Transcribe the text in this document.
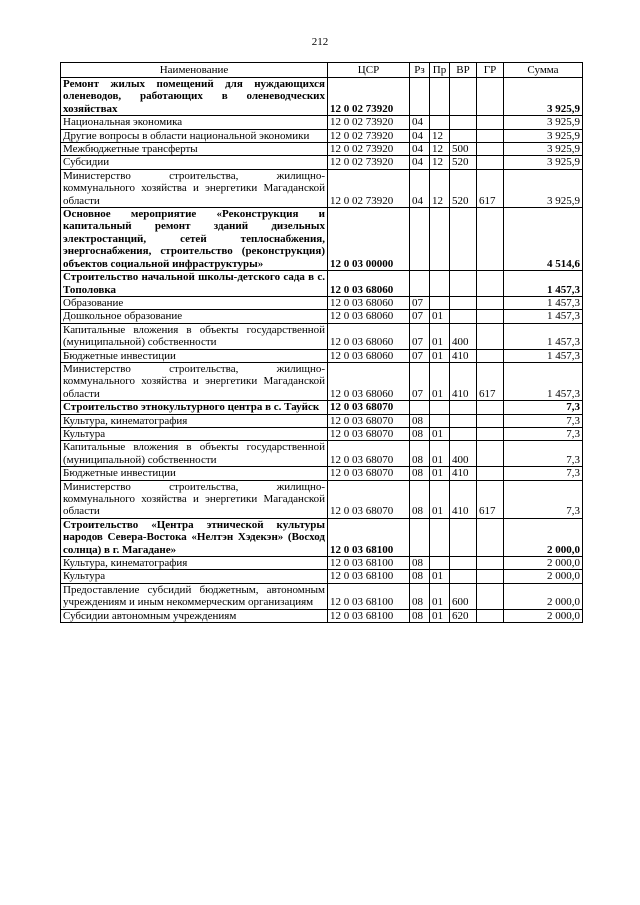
212
Наименование	ЦСР	Рз	Пр	ВР	ГР	Сумма
Ремонт жилых помещений для нуждающихся оленеводов, работающих в оленеводческих хозяйствах	12 0 02 73920					3 925,9
Национальная экономика	12 0 02 73920	04				3 925,9
Другие вопросы в области национальной экономики	12 0 02 73920	04	12			3 925,9
Межбюджетные трансферты	12 0 02 73920	04	12	500		3 925,9
Субсидии	12 0 02 73920	04	12	520		3 925,9
Министерство строительства, жилищно-коммунального хозяйства и энергетики Магаданской области	12 0 02 73920	04	12	520	617	3 925,9
Основное мероприятие «Реконструкция и капитальный ремонт зданий дизельных электростанций, сетей теплоснабжения, энергоснабжения, строительство (реконструкция) объектов социальной инфраструктуры»	12 0 03 00000					4 514,6
Строительство начальной школы-детского сада в с. Тополовка	12 0 03 68060					1 457,3
Образование	12 0 03 68060	07				1 457,3
Дошкольное образование	12 0 03 68060	07	01			1 457,3
Капитальные вложения в объекты государственной (муниципальной) собственности	12 0 03 68060	07	01	400		1 457,3
Бюджетные инвестиции	12 0 03 68060	07	01	410		1 457,3
Министерство строительства, жилищно-коммунального хозяйства и энергетики Магаданской области	12 0 03 68060	07	01	410	617	1 457,3
Строительство этнокультурного центра в с. Тауйск	12 0 03 68070					7,3
Культура, кинематография	12 0 03 68070	08				7,3
Культура	12 0 03 68070	08	01			7,3
Капитальные вложения в объекты государственной (муниципальной) собственности	12 0 03 68070	08	01	400		7,3
Бюджетные инвестиции	12 0 03 68070	08	01	410		7,3
Министерство строительства, жилищно-коммунального хозяйства и энергетики Магаданской области	12 0 03 68070	08	01	410	617	7,3
Строительство «Центра этнической культуры народов Севера-Востока «Нелтэн Хэдекэн» (Восход солнца) в г. Магадане»	12 0 03 68100					2 000,0
Культура, кинематография	12 0 03 68100	08				2 000,0
Культура	12 0 03 68100	08	01			2 000,0
Предоставление субсидий бюджетным, автономным учреждениям и иным некоммерческим организациям	12 0 03 68100	08	01	600		2 000,0
Субсидии автономным учреждениям	12 0 03 68100	08	01	620		2 000,0
